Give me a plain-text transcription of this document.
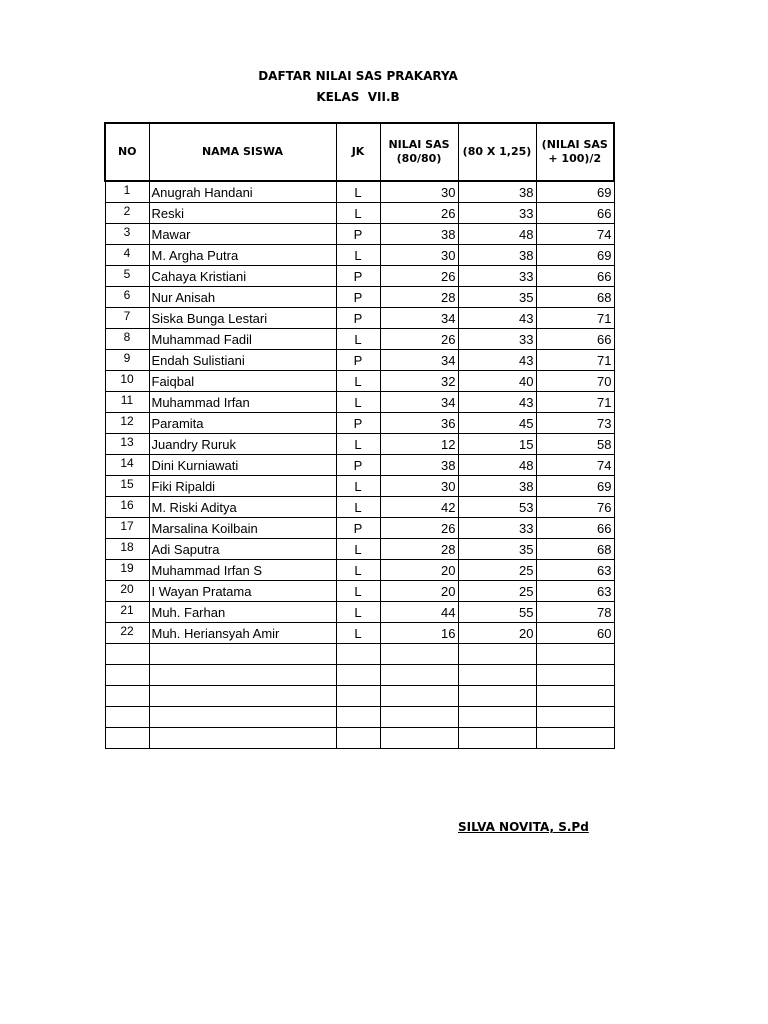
DAFTAR NILAI SAS PRAKARYA
KELAS  VII.B
NO	NAMA SISWA	JK	NILAI SAS (80/80)	(80 X 1,25)	(NILAI SAS + 100)/2
1	Anugrah Handani	L	30	38	69
2	Reski	L	26	33	66
3	Mawar	P	38	48	74
4	M. Argha Putra	L	30	38	69
5	Cahaya Kristiani	P	26	33	66
6	Nur Anisah	P	28	35	68
7	Siska Bunga Lestari	P	34	43	71
8	Muhammad Fadil	L	26	33	66
9	Endah Sulistiani	P	34	43	71
10	Faiqbal	L	32	40	70
11	Muhammad Irfan	L	34	43	71
12	Paramita	P	36	45	73
13	Juandry Ruruk	L	12	15	58
14	Dini Kurniawati	P	38	48	74
15	Fiki Ripaldi	L	30	38	69
16	M. Riski Aditya	L	42	53	76
17	Marsalina Koilbain	P	26	33	66
18	Adi Saputra	L	28	35	68
19	Muhammad Irfan S	L	20	25	63
20	I Wayan Pratama	L	20	25	63
21	Muh. Farhan	L	44	55	78
22	Muh. Heriansyah Amir	L	16	20	60

SILVA NOVITA, S.Pd
